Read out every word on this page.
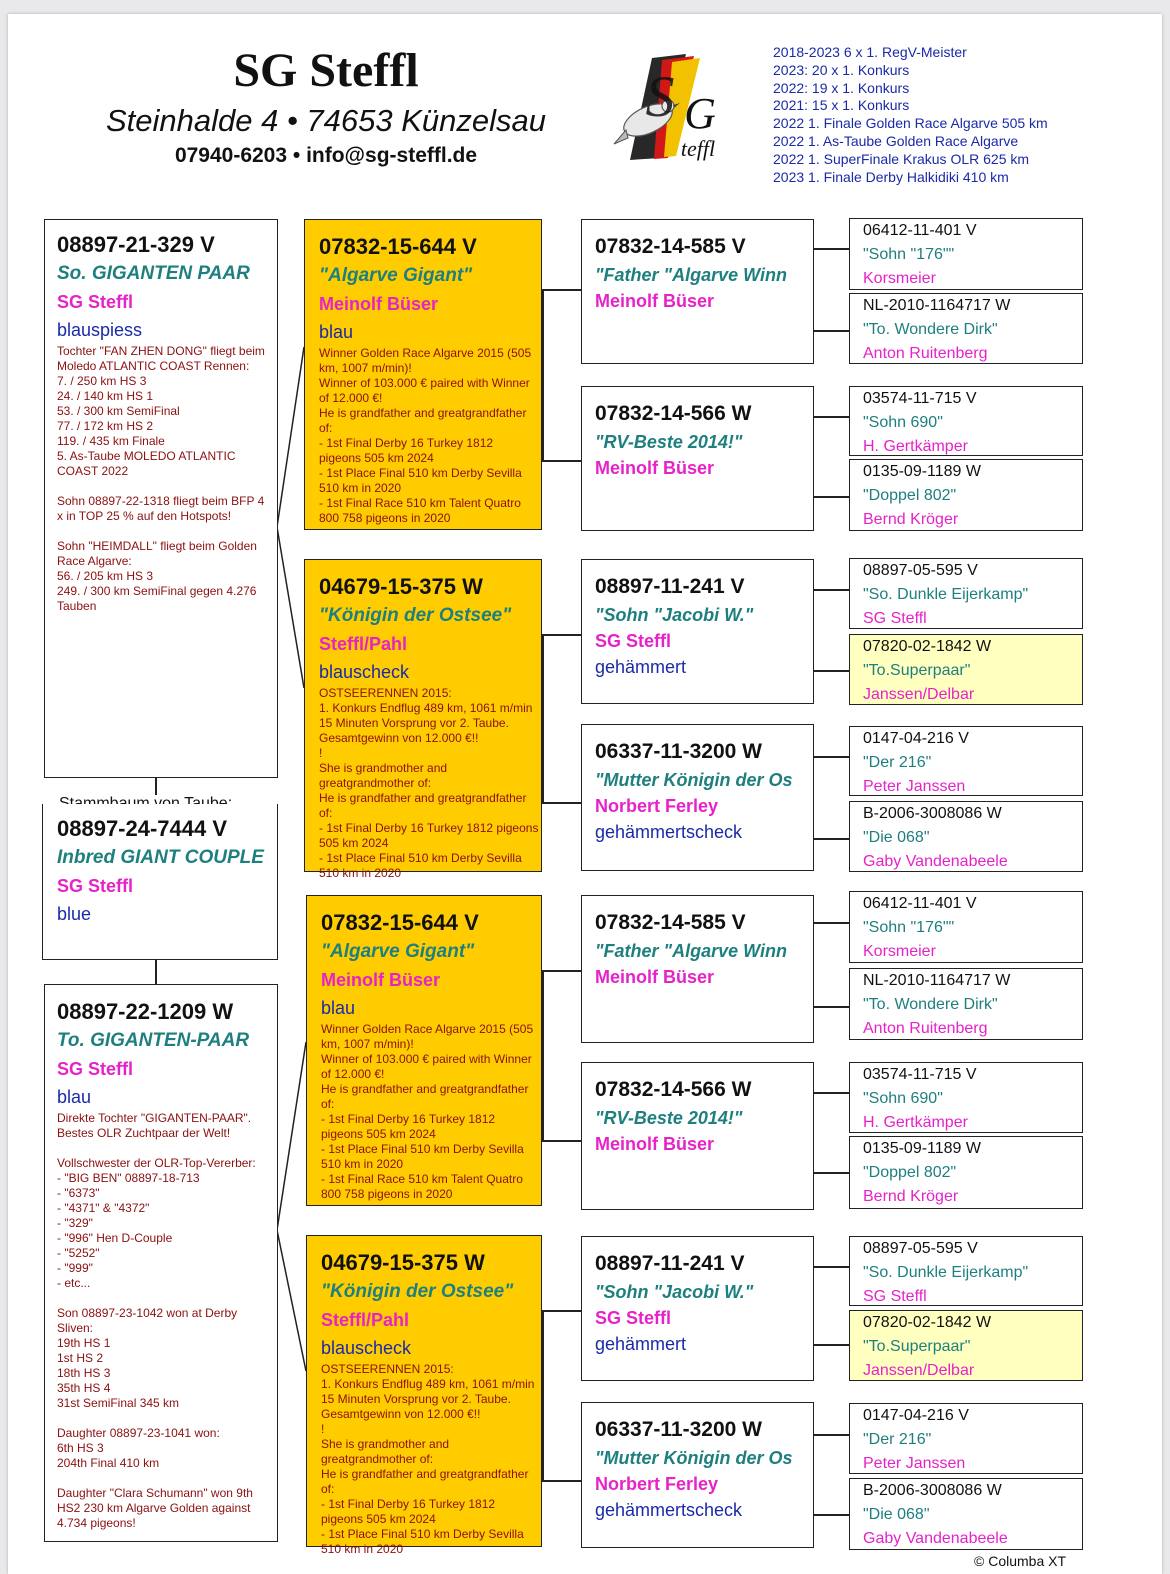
SG Steffl
Steinhalde 4 • 74653 Künzelsau
07940-6203 • info@sg-steffl.de
S G
teffl
2018-2023 6 x 1. RegV-Meister
2023: 20 x 1. Konkurs
2022: 19 x 1. Konkurs
2021: 15 x 1. Konkurs
2022 1. Finale Golden Race Algarve 505 km
2022 1. As-Taube Golden Race Algarve
2022 1. SuperFinale Krakus OLR 625 km
2023 1. Finale Derby Halkidiki 410 km
08897-21-329 V
So. GIGANTEN PAAR
SG Steffl
blauspiess
Tochter "FAN ZHEN DONG" fliegt beim Moledo ATLANTIC COAST Rennen:
7. / 250 km HS 3
24. / 140 km HS 1
53. / 300 km SemiFinal
77. / 172 km HS 2
119. / 435 km Finale
5. As-Taube MOLEDO ATLANTIC COAST 2022

Sohn 08897-22-1318 fliegt beim BFP 4 x in TOP 25 % auf den Hotspots!

Sohn "HEIMDALL" fliegt beim Golden Race Algarve:
56. / 205 km HS 3
249. / 300 km SemiFinal gegen 4.276 Tauben
08897-24-7444 V
Inbred GIANT COUPLE
SG Steffl
blue
08897-22-1209 W
To. GIGANTEN-PAAR
SG Steffl
blau
Direkte Tochter "GIGANTEN-PAAR". Bestes OLR Zuchtpaar der Welt!

Vollschwester der OLR-Top-Vererber:
- "BIG BEN" 08897-18-713
- "6373"
- "4371" & "4372"
- "329"
- "996" Hen D-Couple
- "5252"
- "999"
- etc...

Son 08897-23-1042 won at Derby Sliven:
19th HS 1
1st HS 2
18th HS 3
35th HS 4
31st SemiFinal 345 km

Daughter 08897-23-1041 won:
6th HS 3
204th Final 410 km

Daughter "Clara Schumann" won 9th HS2 230 km Algarve Golden against 4.734 pigeons!
07832-15-644 V
"Algarve Gigant"
Meinolf Büser
blau
Winner Golden Race Algarve 2015 (505 km, 1007 m/min)!
Winner of 103.000 € paired with Winner of 12.000 €!
He is grandfather and greatgrandfather of:
- 1st Final Derby 16 Turkey 1812 pigeons 505 km 2024
- 1st Place Final 510 km Derby Sevilla 510 km in 2020
- 1st Final Race 510 km Talent Quatro 800 758 pigeons in 2020
04679-15-375 W
"Königin der Ostsee"
Steffl/Pahl
blauscheck
OSTSEERENNEN 2015:
1. Konkurs Endflug 489 km, 1061 m/min 15 Minuten Vorsprung vor 2. Taube. Gesamtgewinn von 12.000 €!!
!
She is grandmother and greatgrandmother of:
He is grandfather and greatgrandfather of:
- 1st Final Derby 16 Turkey 1812 pigeons 505 km 2024
- 1st Place Final 510 km Derby Sevilla 510 km in 2020
07832-15-644 V
"Algarve Gigant"
Meinolf Büser
blau
Winner Golden Race Algarve 2015 (505 km, 1007 m/min)!
Winner of 103.000 € paired with Winner of 12.000 €!
He is grandfather and greatgrandfather of:
- 1st Final Derby 16 Turkey 1812 pigeons 505 km 2024
- 1st Place Final 510 km Derby Sevilla 510 km in 2020
- 1st Final Race 510 km Talent Quatro 800 758 pigeons in 2020
04679-15-375 W
"Königin der Ostsee"
Steffl/Pahl
blauscheck
OSTSEERENNEN 2015:
1. Konkurs Endflug 489 km, 1061 m/min 15 Minuten Vorsprung vor 2. Taube. Gesamtgewinn von 12.000 €!!
!
She is grandmother and greatgrandmother of:
He is grandfather and greatgrandfather of:
- 1st Final Derby 16 Turkey 1812 pigeons 505 km 2024
- 1st Place Final 510 km Derby Sevilla 510 km in 2020
07832-14-585 V
"Father "Algarve Winn
Meinolf Büser
07832-14-566 W
"RV-Beste 2014!"
Meinolf Büser
08897-11-241 V
"Sohn "Jacobi W."
SG Steffl
gehämmert
06337-11-3200 W
"Mutter Königin der Os
Norbert Ferley
gehämmertscheck
07832-14-585 V
"Father "Algarve Winn
Meinolf Büser
07832-14-566 W
"RV-Beste 2014!"
Meinolf Büser
08897-11-241 V
"Sohn "Jacobi W."
SG Steffl
gehämmert
06337-11-3200 W
"Mutter Königin der Os
Norbert Ferley
gehämmertscheck
06412-11-401 V
"Sohn "176""
Korsmeier
NL-2010-1164717 W
"To. Wondere Dirk"
Anton Ruitenberg
03574-11-715 V
"Sohn 690"
H. Gertkämper
0135-09-1189 W
"Doppel 802"
Bernd Kröger
08897-05-595 V
"So. Dunkle Eijerkamp"
SG Steffl
07820-02-1842 W
"To.Superpaar"
Janssen/Delbar
0147-04-216 V
"Der 216"
Peter Janssen
B-2006-3008086 W
"Die 068"
Gaby Vandenabeele
06412-11-401 V
"Sohn "176""
Korsmeier
NL-2010-1164717 W
"To. Wondere Dirk"
Anton Ruitenberg
03574-11-715 V
"Sohn 690"
H. Gertkämper
0135-09-1189 W
"Doppel 802"
Bernd Kröger
08897-05-595 V
"So. Dunkle Eijerkamp"
SG Steffl
07820-02-1842 W
"To.Superpaar"
Janssen/Delbar
0147-04-216 V
"Der 216"
Peter Janssen
B-2006-3008086 W
"Die 068"
Gaby Vandenabeele
© Columba XT
